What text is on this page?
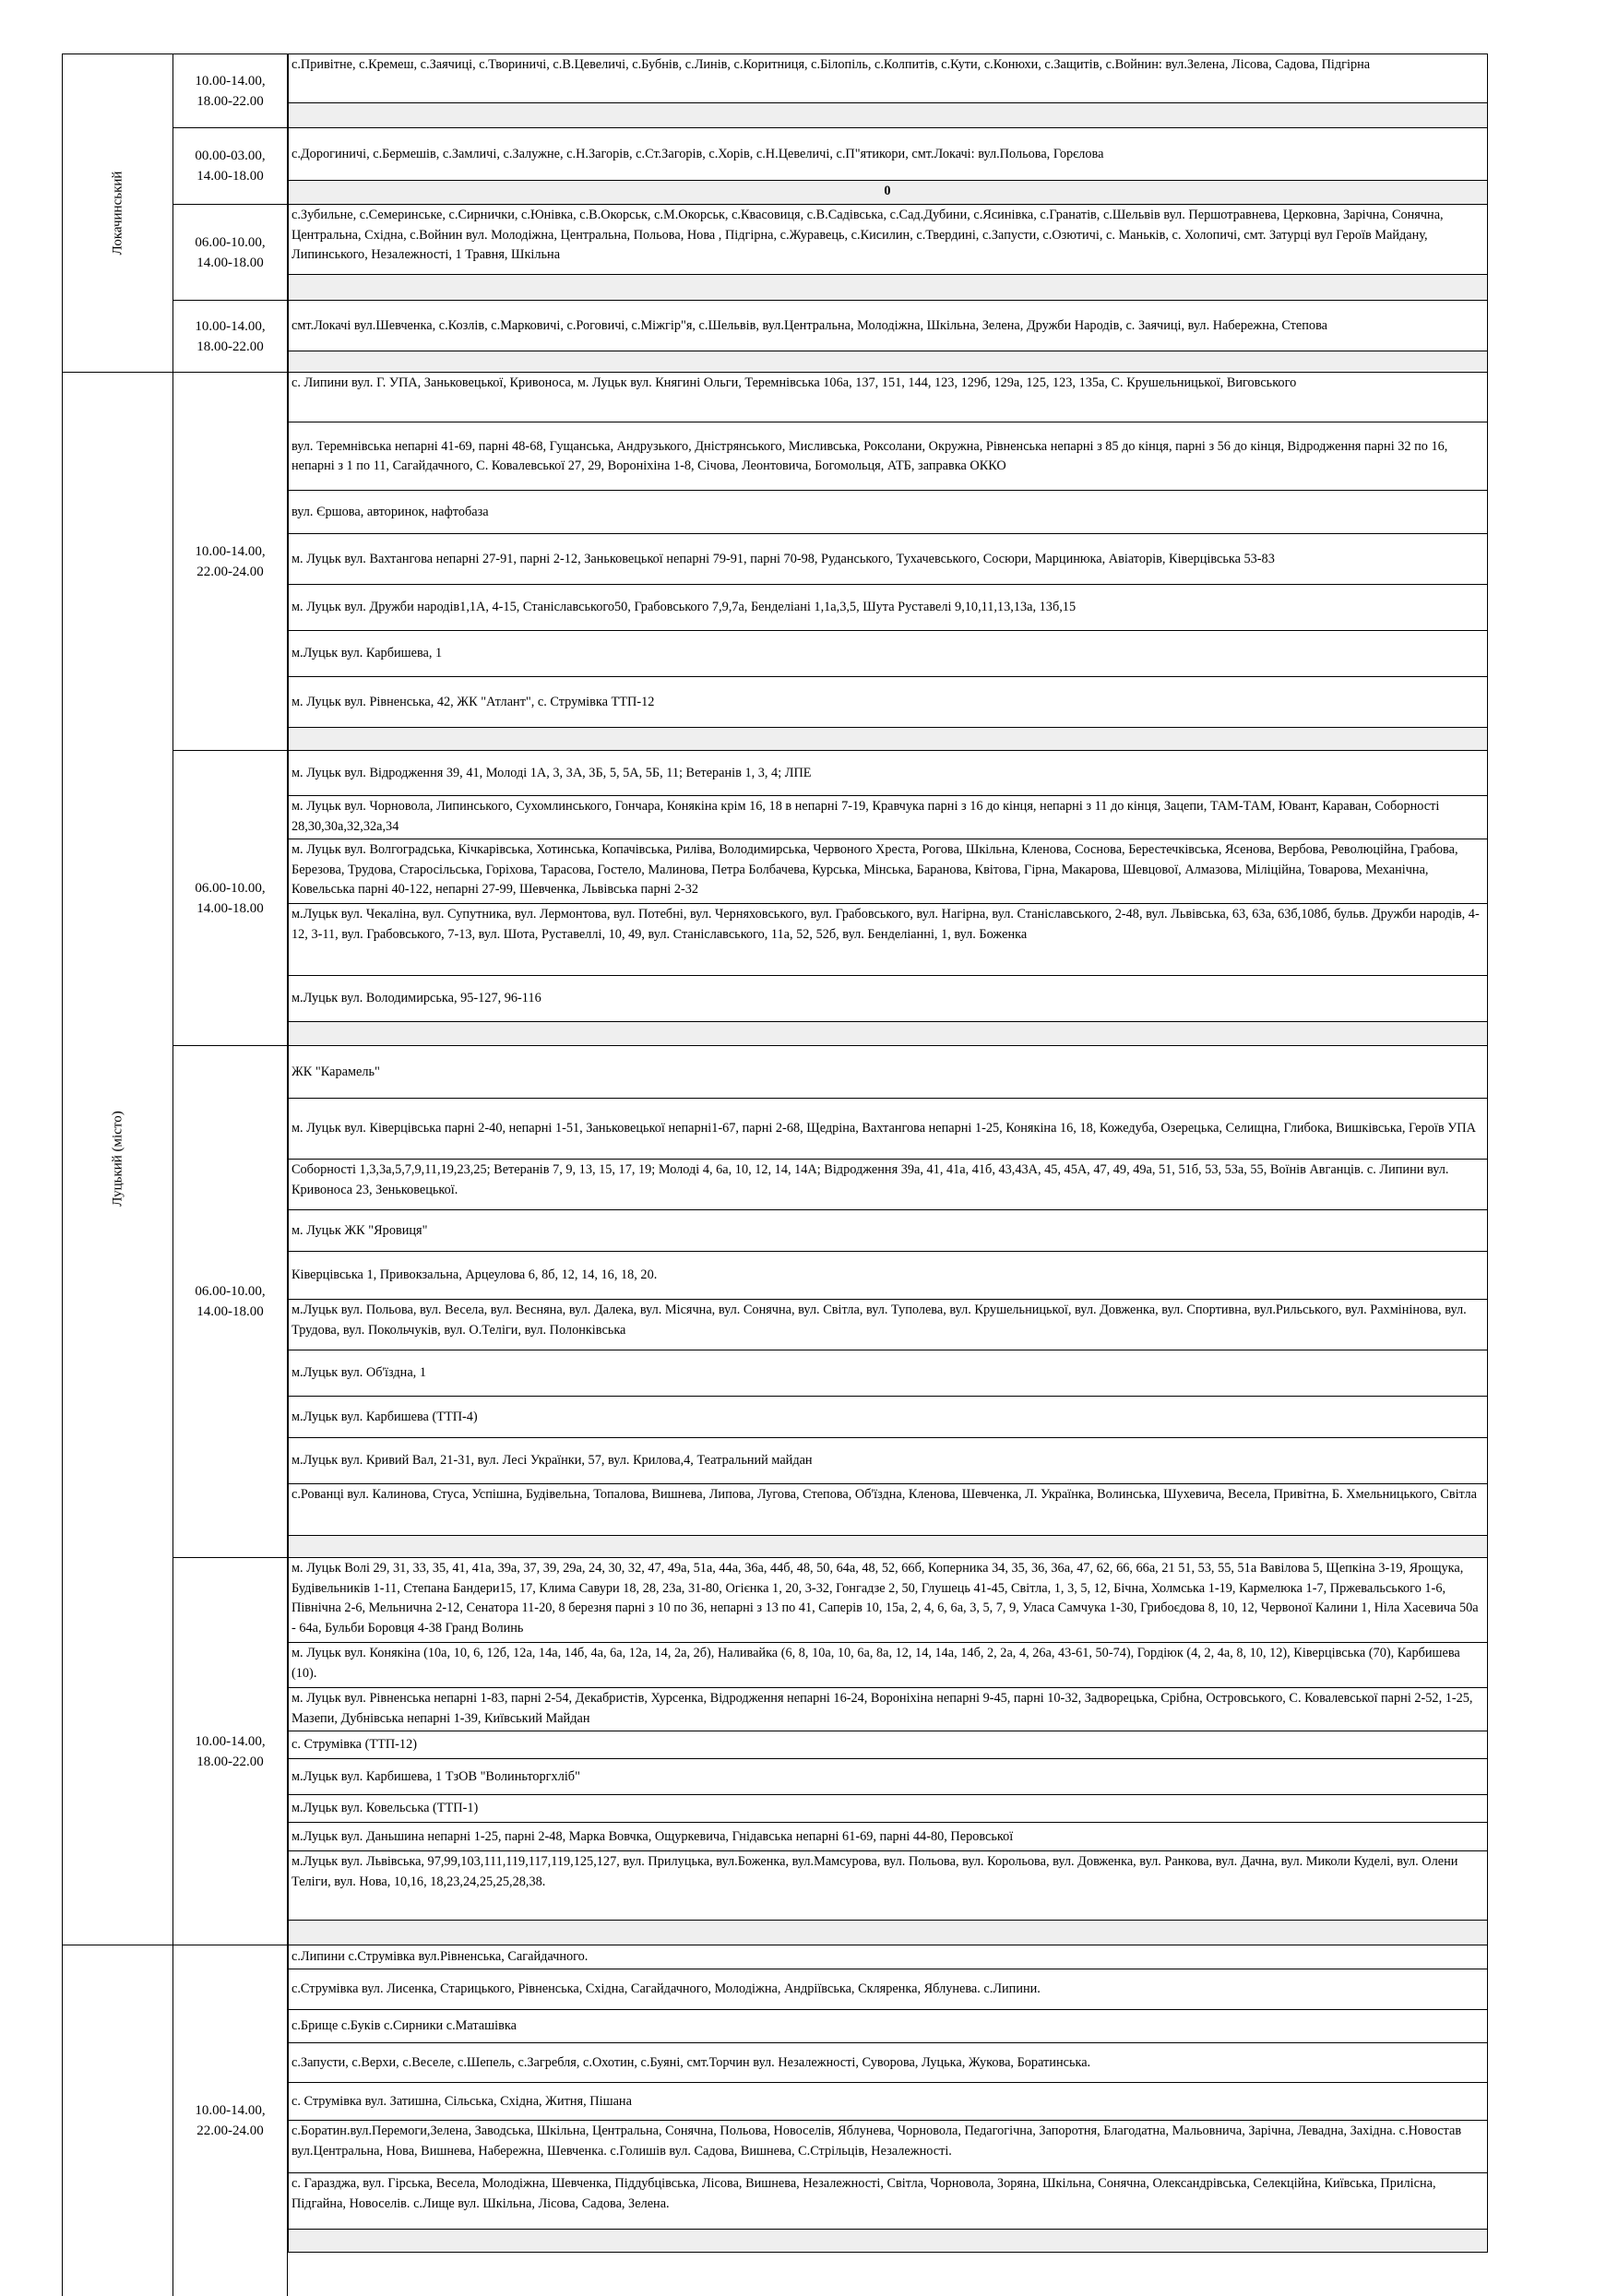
Локачинський
Луцький (місто)
10.00-14.00, 18.00-22.00
00.00-03.00, 14.00-18.00
06.00-10.00, 14.00-18.00
10.00-14.00, 18.00-22.00
10.00-14.00, 22.00-24.00
06.00-10.00, 14.00-18.00
06.00-10.00, 14.00-18.00
10.00-14.00, 18.00-22.00
10.00-14.00, 22.00-24.00
с.Привітне, с.Кремеш, с.Заячиці, с.Твориничі, с.В.Цевеличі, с.Бубнів, с.Линів, с.Коритниця, с.Білопіль, с.Колпитів, с.Кути, с.Конюхи, с.Защитів, с.Войнин: вул.Зелена, Лісова, Садова, Підгірна
с.Дорогиничі, с.Бермешів, с.Замличі, с.Залужне, с.Н.Загорів, с.Ст.Загорів, с.Хорів, с.Н.Цевеличі, с.П"ятикори, смт.Локачі: вул.Польова, Горєлова
0
с.Зубильне, с.Семеринське, с.Сирнички, с.Юнівка, с.В.Окорськ, с.М.Окорськ, с.Квасовиця, с.В.Садівська, с.Сад.Дубини, с.Ясинівка, с.Гранатів, с.Шельвів вул. Першотравнева, Церковна, Зарічна, Сонячна, Центральна, Східна, с.Войнин вул. Молодіжна, Центральна, Польова, Нова , Підгірна, с.Журавець, с.Кисилин, с.Твердині, с.Запусти, с.Озютичі, с. Маньків, с. Холопичі, смт. Затурці вул Героїв Майдану, Липинського, Незалежності, 1 Травня, Шкільна
смт.Локачі вул.Шевченка, с.Козлів, с.Марковичі, с.Роговичі, с.Міжгір"я, с.Шельвів, вул.Центральна, Молодіжна, Шкільна, Зелена, Дружби Народів, с. Заячиці, вул. Набережна, Степова
с. Липини вул. Г. УПА, Заньковецької, Кривоноса, м. Луцьк вул. Княгині Ольги, Теремнівська 106а, 137, 151, 144, 123, 129б, 129а, 125, 123, 135а, С. Крушельницької, Виговського
вул. Теремнівська непарні 41-69, парні 48-68, Гущанська, Андрузького, Дністрянського, Мисливська, Роксолани, Окружна, Рівненська непарні з 85 до кінця, парні з 56 до кінця, Відродження парні 32 по 16, непарні з 1 по 11, Сагайдачного, С. Ковалевської 27, 29, Вороніхіна 1-8, Січова, Леонтовича, Богомольця, АТБ, заправка ОККО
вул. Єршова, авторинок, нафтобаза
м. Луцьк вул. Вахтангова непарні 27-91, парні 2-12, Заньковецької непарні 79-91, парні 70-98, Руданського, Тухачевського, Сосюри, Марцинюка, Авіаторів, Ківерцівська 53-83
м. Луцьк вул. Дружби народів1,1А, 4-15, Станіславського50, Грабовського 7,9,7а, Бенделіані 1,1а,3,5, Шута Руставелі 9,10,11,13,13а, 13б,15
м.Луцьк вул. Карбишева, 1
м. Луцьк вул. Рівненська, 42, ЖК "Атлант", с. Струмівка ТТП-12
м. Луцьк вул. Відродження 39, 41, Молоді 1А, 3, 3А, 3Б, 5, 5А, 5Б, 11; Ветеранів 1, 3, 4; ЛПЕ
м. Луцьк вул. Чорновола, Липинського, Сухомлинського, Гончара, Конякіна крім 16, 18 в непарні 7-19, Кравчука парні з 16 до кінця, непарні з 11 до кінця, Зацепи, ТАМ-ТАМ, Ювант, Караван, Соборності 28,30,30а,32,32а,34
м. Луцьк вул. Волгоградська, Кічкарівська, Хотинська, Копачівська, Риліва, Володимирська, Червоного Хреста, Рогова, Шкільна, Кленова, Соснова, Берестечківська, Ясенова, Вербова, Революційна, Грабова, Березова, Трудова, Старосільська, Горіхова, Тарасова, Гостело, Малинова, Петра Болбачева, Курська, Мінська, Баранова, Квітова, Гірна, Макарова, Шевцової, Алмазова, Міліційна, Товарова, Механічна, Ковельська парні 40-122, непарні 27-99, Шевченка, Львівська парні 2-32
м.Луцьк вул. Чекаліна, вул. Супутника, вул. Лермонтова, вул. Потебні, вул. Черняховського, вул. Грабовського, вул. Нагірна, вул. Станіславського, 2-48, вул. Львівська, 63, 63а, 63б,108б, бульв. Дружби народів, 4-12, 3-11, вул. Грабовського, 7-13, вул. Шота, Руставеллі, 10, 49, вул. Станіславського, 11а, 52, 52б, вул. Бенделіанні, 1, вул. Боженка
м.Луцьк вул. Володимирська, 95-127, 96-116
ЖК "Карамель"
м. Луцьк вул. Ківерцівська парні 2-40, непарні 1-51, Заньковецької непарні1-67, парні 2-68, Щедріна, Вахтангова непарні 1-25, Конякіна 16, 18, Кожедуба, Озерецька, Селищна, Глибока, Вишківська, Героїв УПА
Соборності 1,3,3а,5,7,9,11,19,23,25; Ветеранів 7, 9, 13, 15, 17, 19; Молоді 4, 6а, 10, 12, 14, 14А; Відродження 39а, 41, 41а, 41б, 43,43А, 45, 45А, 47, 49, 49а, 51, 51б, 53, 53а, 55, Воїнів Авганців. с. Липини вул. Кривоноса 23, Зеньковецької.
м. Луцьк ЖК "Яровиця"
Ківерцівська 1, Привокзальна, Арцеулова 6, 8б, 12, 14, 16, 18, 20.
м.Луцьк вул. Польова, вул. Весела, вул. Весняна, вул. Далека, вул. Місячна, вул. Сонячна, вул. Світла, вул. Туполева, вул. Крушельницької, вул. Довженка, вул. Спортивна, вул.Рильського, вул. Рахмінінова, вул. Трудова, вул. Покольчуків, вул. О.Теліги, вул. Полонківська
м.Луцьк вул. Об'їздна, 1
м.Луцьк вул. Карбишева (ТТП-4)
м.Луцьк вул. Кривий Вал, 21-31, вул. Лесі Українки, 57, вул. Крилова,4, Театральний майдан
с.Рованці вул. Калинова, Стуса, Успішна, Будівельна, Топалова, Вишнева, Липова, Лугова, Степова, Об'їздна, Кленова, Шевченка, Л. Українка, Волинська, Шухевича, Весела, Привітна, Б. Хмельницького, Світла
м. Луцьк Волі 29, 31, 33, 35, 41, 41а, 39а, 37, 39, 29а, 24, 30, 32, 47, 49а, 51а, 44а, 36а, 44б, 48, 50, 64а, 48, 52, 66б, Коперника 34, 35, 36, 36а, 47, 62, 66, 66а, 21 51, 53, 55, 51а Вавілова 5, Щепкіна 3-19, Ярощука, Будівельників 1-11, Степана Бандери15, 17, Клима Савури 18, 28, 23а, 31-80, Огієнка 1, 20, 3-32, Гонгадзе 2, 50, Глушець 41-45, Світла, 1, 3, 5, 12, Бічна, Холмська 1-19, Кармелюка 1-7, Пржевальського 1-6, Північна 2-6, Мельнична 2-12, Сенатора 11-20, 8 березня парні з 10 по 36, непарні з 13 по 41, Саперів 10, 15а, 2, 4, 6, 6а, 3, 5, 7, 9, Уласа Самчука 1-30, Грибоєдова 8, 10, 12, Червоної Калини 1, Ніла Хасевича 50а - 64а, Бульби Боровця 4-38 Гранд Волинь
м. Луцьк вул. Конякіна (10а, 10, 6, 12б, 12а, 14а, 14б, 4а, 6а, 12а, 14, 2а, 2б), Наливайка (6, 8, 10а, 10, 6а, 8а, 12, 14, 14а, 14б, 2, 2а, 4, 26а, 43-61, 50-74), Гордіюк (4, 2, 4а, 8, 10, 12), Ківерцівська (70), Карбишева (10).
м. Луцьк вул. Рівненська непарні 1-83, парні 2-54, Декабристів, Хурсенка, Відродження непарні 16-24, Вороніхіна непарні 9-45, парні 10-32, Задворецька, Срібна, Островського, С. Ковалевської парні 2-52, 1-25, Мазепи, Дубнівська непарні 1-39, Київський Майдан
с. Струмівка (ТТП-12)
м.Луцьк вул. Карбишева, 1 ТзОВ "Волиньторгхліб"
м.Луцьк вул. Ковельська (ТТП-1)
м.Луцьк вул. Даньшина непарні 1-25, парні 2-48, Марка Вовчка, Ощуркевича, Гнідавська непарні 61-69, парні 44-80, Перовської
м.Луцьк вул. Львівська, 97,99,103,111,119,117,119,125,127, вул. Прилуцька, вул.Боженка, вул.Мамсурова, вул. Польова, вул. Корольова, вул. Довженка, вул. Ранкова, вул. Дачна, вул. Миколи Куделі, вул. Олени Теліги, вул. Нова, 10,16, 18,23,24,25,25,28,38.
с.Липини с.Струмівка вул.Рівненська, Сагайдачного.
с.Струмівка вул. Лисенка, Старицького, Рівненська, Східна, Сагайдачного, Молодіжна, Андріївська, Скляренка, Яблунева. с.Липини.
с.Брище с.Буків с.Сирники с.Маташівка
с.Запусти, с.Верхи, с.Веселе, с.Шепель, с.Загребля, с.Охотин, с.Буяні, смт.Торчин вул. Незалежності, Суворова, Луцька, Жукова, Боратинська.
с. Струмівка вул. Затишна, Сільська, Східна, Житня, Пішана
с.Боратин.вул.Перемоги,Зелена, Заводська, Шкільна, Центральна, Сонячна, Польова, Новоселів, Яблунева, Чорновола, Педагогічна, Запоротня, Благодатна, Мальовнича, Зарічна, Левадна, Західна. с.Новостав вул.Центральна, Нова, Вишнева, Набережна, Шевченка. с.Голишів вул. Садова, Вишнева, С.Стрільців, Незалежності.
с. Гаразджа, вул. Гірська, Весела, Молодіжна, Шевченка, Піддубцівська, Лісова, Вишнева, Незалежності, Світла, Чорновола, Зоряна, Шкільна, Сонячна, Олександрівська, Селекційна, Київська, Прилісна, Підгайна, Новоселів. с.Лище вул. Шкільна, Лісова, Садова, Зелена.
